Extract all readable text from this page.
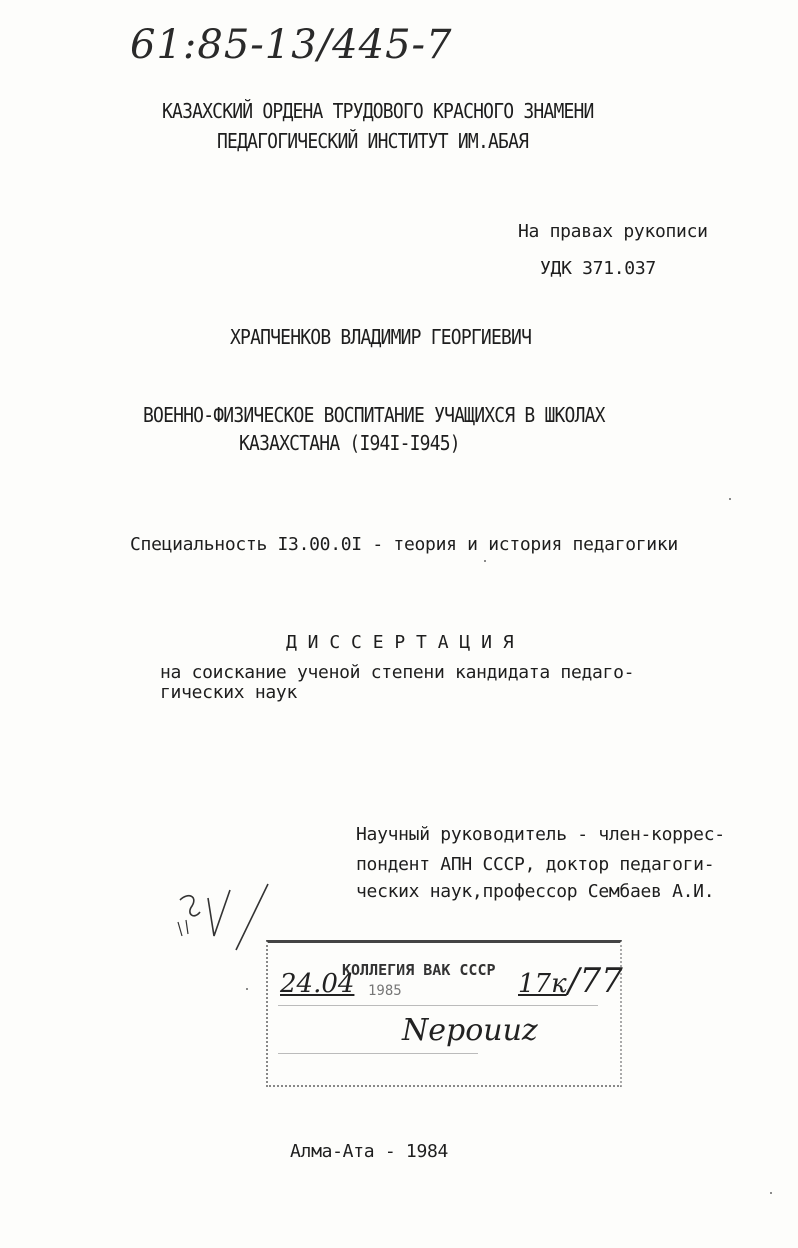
61:85-13/445-7
КАЗАХСКИЙ ОРДЕНА ТРУДОВОГО КРАСНОГО ЗНАМЕНИ
ПЕДАГОГИЧЕСКИЙ ИНСТИТУТ ИМ.АБАЯ
На правах рукописи
УДК 371.037
ХРАПЧЕНКОВ ВЛАДИМИР ГЕОРГИЕВИЧ
ВОЕННО-ФИЗИЧЕСКОЕ ВОСПИТАНИЕ УЧАЩИХСЯ В ШКОЛАХ
КАЗАХСТАНА (I94I-I945)
Специальность I3.00.0I - теория и история педагогики
Д И С С Е Р Т А Ц И Я
на соискание ученой степени кандидата педаго-
гических наук
Научный руководитель - член-коррес-
пондент АПН СССР, доктор педагоги-
ческих наук,профессор Сембаев А.И.
КОЛЛЕГИЯ ВАК СССР
24.04 1985	17к /77
Nepouuz
Алма-Ата - 1984
